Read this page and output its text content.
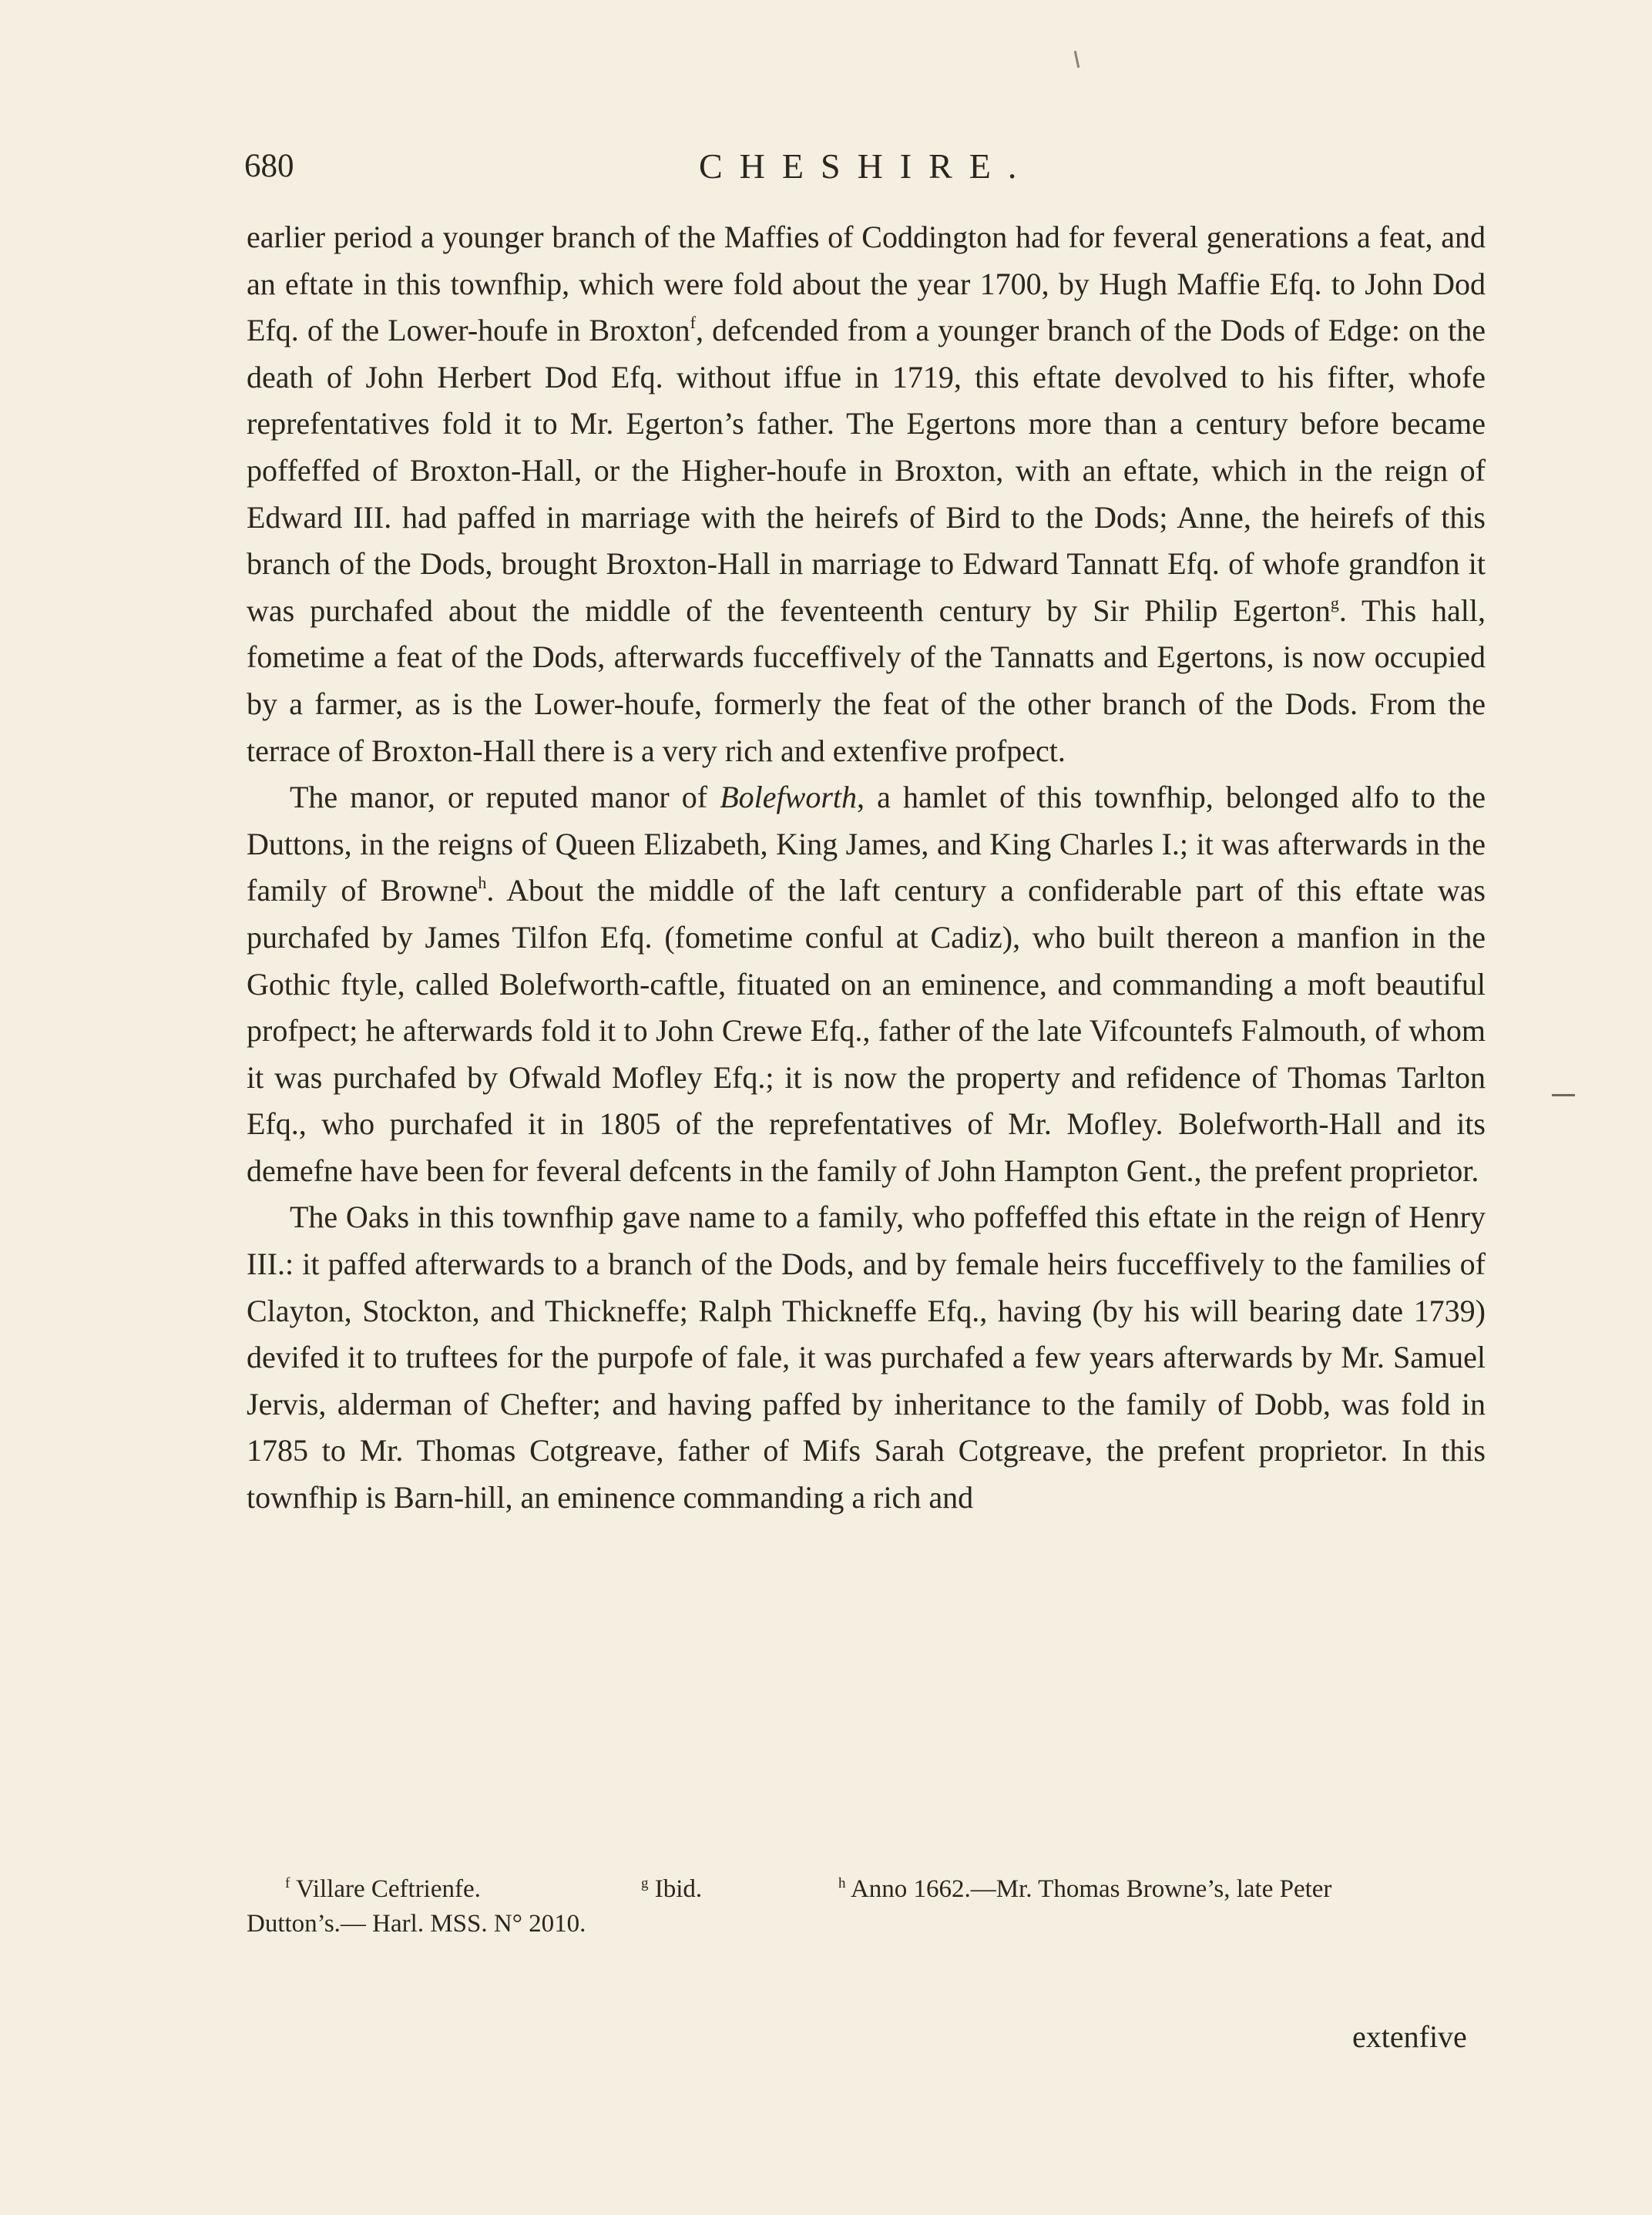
680	CHESHIRE.

earlier period a younger branch of the Maffies of Coddington had for feveral generations a feat, and an eftate in this townfhip, which were fold about the year 1700, by Hugh Maffie Efq. to John Dod Efq. of the Lower-houfe in Broxton$^f$, defcended from a younger branch of the Dods of Edge: on the death of John Herbert Dod Efq. without iffue in 1719, this eftate devolved to his fifter, whofe reprefentatives fold it to Mr. Egerton’s father. The Egertons more than a century before became poffeffed of Broxton-Hall, or the Higher-houfe in Broxton, with an eftate, which in the reign of Edward III. had paffed in marriage with the heirefs of Bird to the Dods; Anne, the heirefs of this branch of the Dods, brought Broxton-Hall in marriage to Edward Tannatt Efq. of whofe grandfon it was purchafed about the middle of the feventeenth century by Sir Philip Egerton$^g$. This hall, fometime a feat of the Dods, afterwards fucceffively of the Tannatts and Egertons, is now occupied by a farmer, as is the Lower-houfe, formerly the feat of the other branch of the Dods. From the terrace of Broxton-Hall there is a very rich and extenfive profpect.

The manor, or reputed manor of Bolefworth, a hamlet of this townfhip, belonged alfo to the Duttons, in the reigns of Queen Elizabeth, King James, and King Charles I.; it was afterwards in the family of Browne$^h$. About the middle of the laft century a confiderable part of this eftate was purchafed by James Tilfon Efq. (fometime conful at Cadiz), who built thereon a manfion in the Gothic ftyle, called Bolefworth-caftle, fituated on an eminence, and commanding a moft beautiful profpect; he afterwards fold it to John Crewe Efq., father of the late Vifcountefs Falmouth, of whom it was purchafed by Ofwald Mofley Efq.; it is now the property and refidence of Thomas Tarlton Efq., who purchafed it in 1805 of the reprefentatives of Mr. Mofley. Bolefworth-Hall and its demefne have been for feveral defcents in the family of John Hampton Gent., the prefent proprietor.

The Oaks in this townfhip gave name to a family, who poffeffed this eftate in the reign of Henry III.: it paffed afterwards to a branch of the Dods, and by female heirs fucceffively to the families of Clayton, Stockton, and Thickneffe; Ralph Thickneffe Efq., having (by his will bearing date 1739) devifed it to truftees for the purpofe of fale, it was purchafed a few years afterwards by Mr. Samuel Jervis, alderman of Chefter; and having paffed by inheritance to the family of Dobb, was fold in 1785 to Mr. Thomas Cotgreave, father of Mifs Sarah Cotgreave, the prefent proprietor. In this townfhip is Barn-hill, an eminence commanding a rich and

$^f$ Villare Ceftrienfe.	$^g$ Ibid.	$^h$ Anno 1662.—Mr. Thomas Browne’s, late Peter
Dutton’s.— Harl. MSS. N° 2010.
extenfive
